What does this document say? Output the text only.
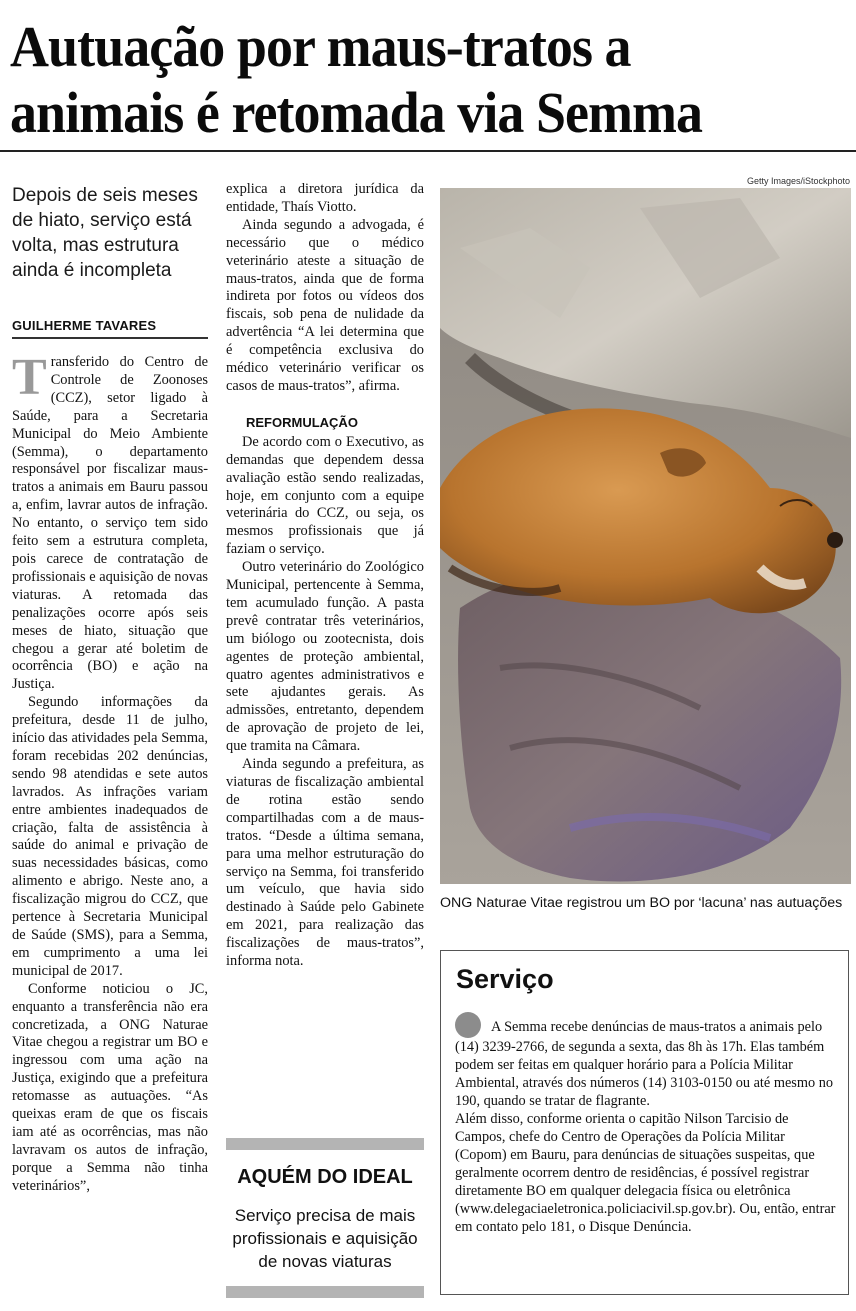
Autuação por maus-tratos a
animais é retomada via Semma
Depois de seis meses de hiato, serviço está volta, mas estrutura ainda é incompleta
GUILHERME TAVARES

Transferido do Centro de Controle de Zoonoses (CCZ), setor ligado à Saúde, para a Secretaria Municipal do Meio Ambiente (Semma), o departamento responsável por fiscalizar maus-tratos a animais em Bauru passou a, enfim, lavrar autos de infração. No entanto, o serviço tem sido feito sem a estrutura completa, pois carece de contratação de profissionais e aquisição de novas viaturas. A retomada das penalizações ocorre após seis meses de hiato, situação que chegou a gerar até boletim de ocorrência (BO) e ação na Justiça.

Segundo informações da prefeitura, desde 11 de julho, início das atividades pela Semma, foram recebidas 202 denúncias, sendo 98 atendidas e sete autos lavrados. As infrações variam entre ambientes inadequados de criação, falta de assistência à saúde do animal e privação de suas necessidades básicas, como alimento e abrigo. Neste ano, a fiscalização migrou do CCZ, que pertence à Secretaria Municipal de Saúde (SMS), para a Semma, em cumprimento a uma lei municipal de 2017.

Conforme noticiou o JC, enquanto a transferência não era concretizada, a ONG Naturae Vitae chegou a registrar um BO e ingressou com uma ação na Justiça, exigindo que a prefeitura retomasse as autuações. “As queixas eram de que os fiscais iam até as ocorrências, mas não lavravam os autos de infração, porque a Semma não tinha veterinários”,

explica a diretora jurídica da entidade, Thaís Viotto.

Ainda segundo a advogada, é necessário que o médico veterinário ateste a situação de maus-tratos, ainda que de forma indireta por fotos ou vídeos dos fiscais, sob pena de nulidade da advertência “A lei determina que é competência exclusiva do médico veterinário verificar os casos de maus-tratos”, afirma.

REFORMULAÇÃO

De acordo com o Executivo, as demandas que dependem dessa avaliação estão sendo realizadas, hoje, em conjunto com a equipe veterinária do CCZ, ou seja, os mesmos profissionais que já faziam o serviço.

Outro veterinário do Zoológico Municipal, pertencente à Semma, tem acumulado função. A pasta prevê contratar três veterinários, um biólogo ou zootecnista, dois agentes de proteção ambiental, quatro agentes administrativos e sete ajudantes gerais. As admissões, entretanto, dependem de aprovação de projeto de lei, que tramita na Câmara.

Ainda segundo a prefeitura, as viaturas de fiscalização ambiental de rotina estão sendo compartilhadas com a de maus-tratos. “Desde a última semana, para uma melhor estruturação do serviço na Semma, foi transferido um veículo, que havia sido destinado à Saúde pelo Gabinete em 2021, para realização das fiscalizações de maus-tratos”, informa nota.

AQUÉM DO IDEAL
Serviço precisa de mais profissionais e aquisição de novas viaturas
Getty Images/iStockphoto
ONG Naturae Vitae registrou um BO por ‘lacuna’ nas autuações
Serviço

A Semma recebe denúncias de maus-tratos a animais pelo (14) 3239-2766, de segunda a sexta, das 8h às 17h. Elas também podem ser feitas em qualquer horário para a Polícia Militar Ambiental, através dos números (14) 3103-0150 ou até mesmo no 190, quando se tratar de flagrante.

Além disso, conforme orienta o capitão Nilson Tarcisio de Campos, chefe do Centro de Operações da Polícia Militar (Copom) em Bauru, para denúncias de situações suspeitas, que geralmente ocorrem dentro de residências, é possível registrar diretamente BO em qualquer delegacia física ou eletrônica (www.delegaciaeletronica.policiacivil.sp.gov.br). Ou, então, entrar em contato pelo 181, o Disque Denúncia.
